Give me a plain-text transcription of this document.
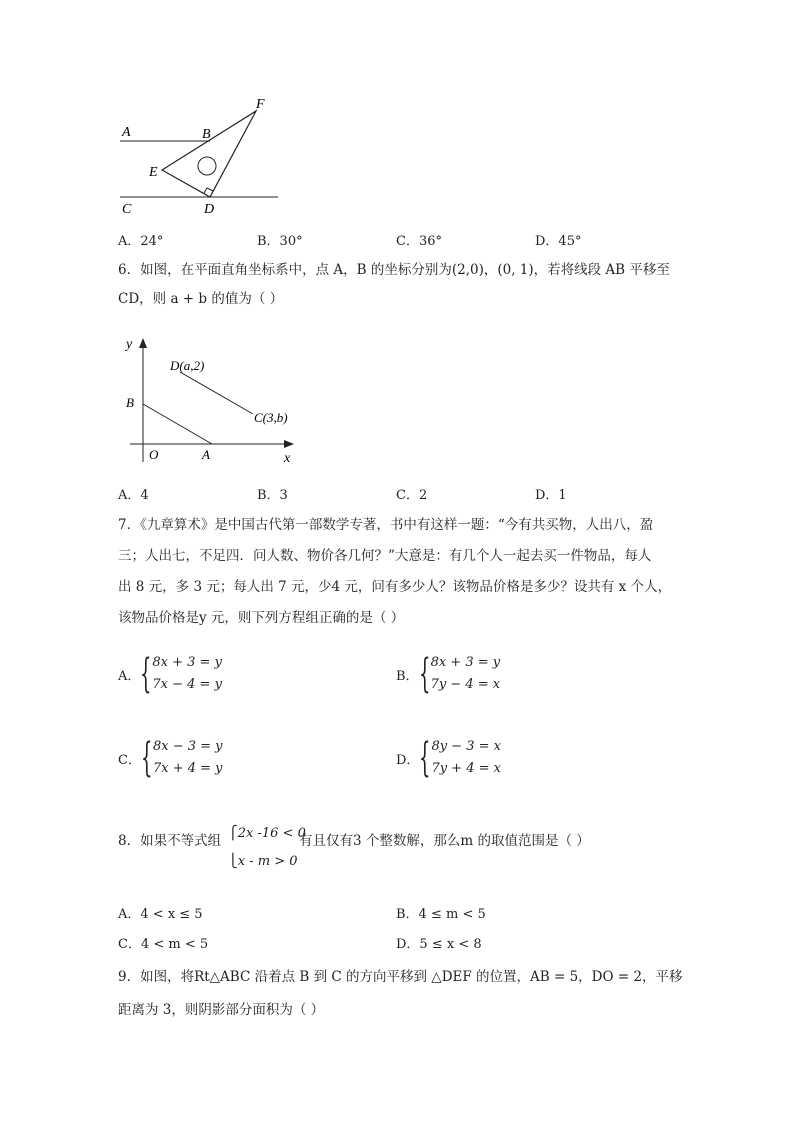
A	B
F
E
C	D
A．24°	B．30°	C．36°	D．45°
6．如图，在平面直角坐标系中，点 A，B 的坐标分别为(2,0)，(0, 1)，若将线段 AB 平移至
CD，则 a + b 的值为（ ）
y
x
O	A
B
D(a,2)
C(3,b)
A．4	B．3	C．2	D．1
7．《九章算术》是中国古代第一部数学专著，书中有这样一题：“今有共买物，人出八，盈
三；人出七，不足四．问人数、物价各几何？”大意是：有几个人一起去买一件物品，每人
出 8 元，多 3 元；每人出 7 元，少4 元，问有多少人？该物品价格是多少？设共有 x 个人，
该物品价格是y 元，则下列方程组正确的是（ ）
A． { 8x + 3 = y
7x − 4 = y
B． { 8x + 3 = y
7y − 4 = x
C． { 8x − 3 = y
7x + 4 = y
D． { 8y − 3 = x
7y + 4 = x
8．如果不等式组 ⎧2x -16 < 0
⎩x - m > 0
有且仅有3 个整数解，那么m 的取值范围是（ ）
A．4 < x ≤ 5	B．4 ≤ m < 5
C．4 < m < 5	D．5 ≤ x < 8
9．如图，将Rt△ABC 沿着点 B 到 C 的方向平移到 △DEF 的位置，AB = 5，DO = 2，平移
距离为 3，则阴影部分面积为（ ）
